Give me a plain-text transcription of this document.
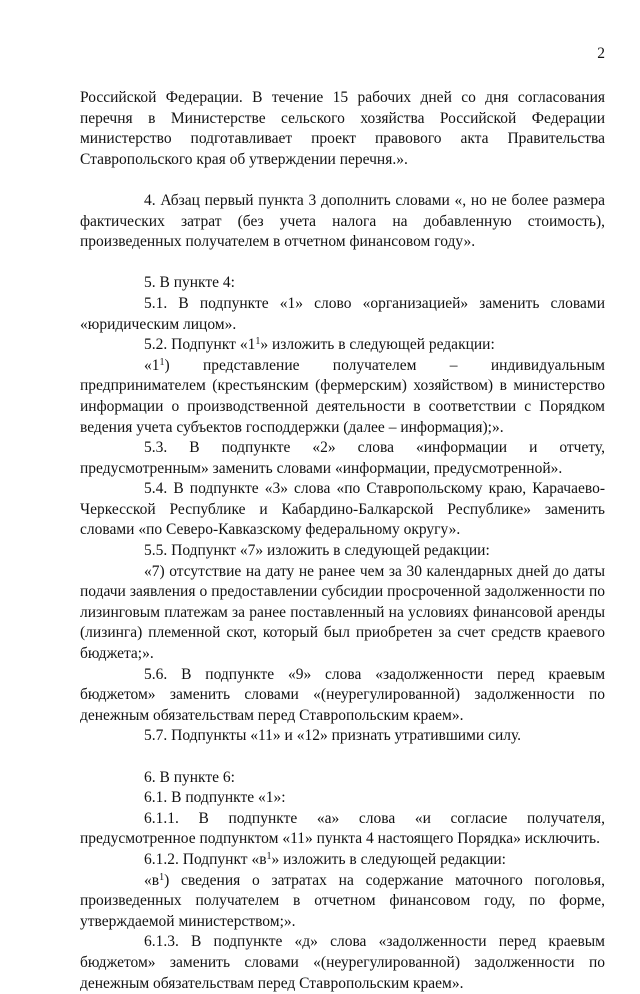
2

Российской Федерации. В течение 15 рабочих дней со дня согласования перечня в Министерстве сельского хозяйства Российской Федерации министерство подготавливает проект правового акта Правительства Ставропольского края об утверждении перечня.».

4. Абзац первый пункта 3 дополнить словами «, но не более размера фактических затрат (без учета налога на добавленную стоимость), произведенных получателем в отчетном финансовом году».

5. В пункте 4:

5.1. В подпункте «1» слово «организацией» заменить словами «юридическим лицом».

5.2. Подпункт «$1^1$» изложить в следующей редакции:

«$1^1$) представление получателем – индивидуальным предпринимателем (крестьянским (фермерским) хозяйством) в министерство информации о производственной деятельности в соответствии с Порядком ведения учета субъектов господдержки (далее – информация);».

5.3. В подпункте «2» слова «информации и отчету, предусмотренным» заменить словами «информации, предусмотренной».

5.4. В подпункте «3» слова «по Ставропольскому краю, Карачаево-Черкесской Республике и Кабардино-Балкарской Республике» заменить словами «по Северо-Кавказскому федеральному округу».

5.5. Подпункт «7» изложить в следующей редакции:

«7) отсутствие на дату не ранее чем за 30 календарных дней до даты подачи заявления о предоставлении субсидии просроченной задолженности по лизинговым платежам за ранее поставленный на условиях финансовой аренды (лизинга) племенной скот, который был приобретен за счет средств краевого бюджета;».

5.6. В подпункте «9» слова «задолженности перед краевым бюджетом» заменить словами «(неурегулированной) задолженности по денежным обязательствам перед Ставропольским краем».

5.7. Подпункты «11» и «12» признать утратившими силу.

6. В пункте 6:

6.1. В подпункте «1»:

6.1.1. В подпункте «а» слова «и согласие получателя, предусмотренное подпунктом «11» пункта 4 настоящего Порядка» исключить.

6.1.2. Подпункт «$в^1$» изложить в следующей редакции:

«$в^1$) сведения о затратах на содержание маточного поголовья, произведенных получателем в отчетном финансовом году, по форме, утверждаемой министерством;».

6.1.3. В подпункте «д» слова «задолженности перед краевым бюджетом» заменить словами «(неурегулированной) задолженности по денежным обязательствам перед Ставропольским краем».
